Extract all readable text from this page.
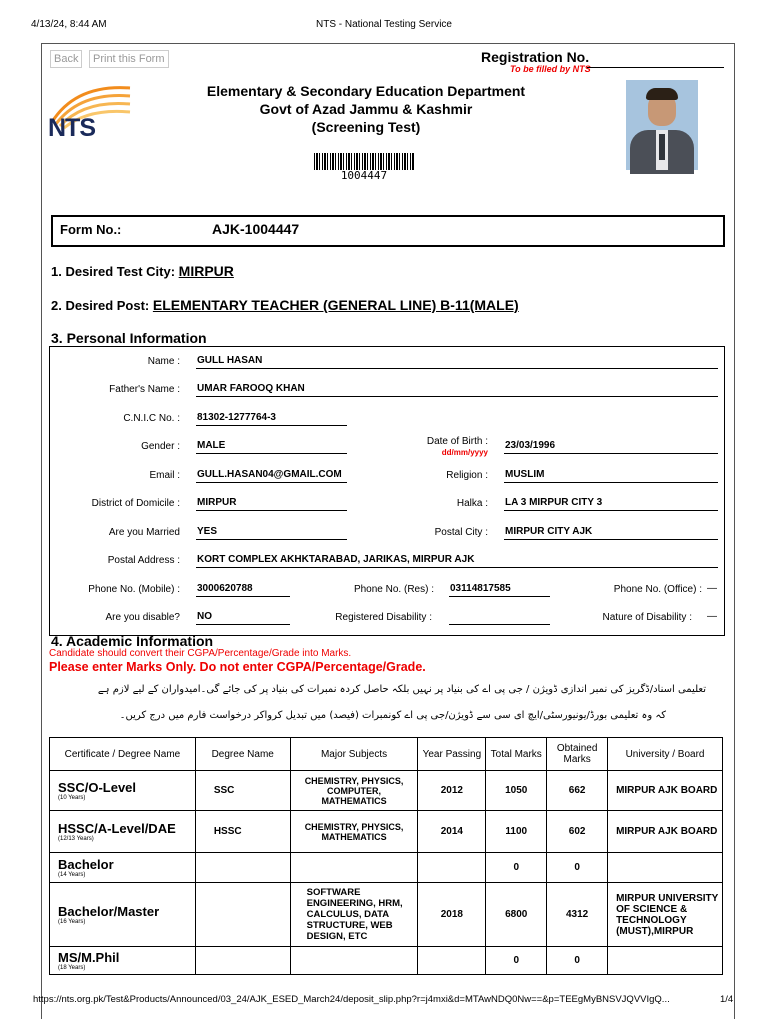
4/13/24, 8:44 AM	NTS - National Testing Service
Back	Print this Form
NTS
Registration No.
To be filled by NTS
Elementary & Secondary Education Department
Govt of Azad Jammu & Kashmir
(Screening Test)
1004447
Form No.:	AJK-1004447
1. Desired Test City: MIRPUR
2. Desired Post: ELEMENTARY TEACHER (GENERAL LINE) B-11(MALE)
3. Personal Information
Name : GULL HASAN
Father's Name : UMAR FAROOQ KHAN
C.N.I.C No. : 81302-1277764-3
Gender : MALE	Date of Birth :
dd/mm/yyyy
23/03/1996
Email : GULL.HASAN04@GMAIL.COM	Religion : MUSLIM
District of Domicile : MIRPUR	Halka : LA 3 MIRPUR CITY 3
Are you Married YES	Postal City : MIRPUR CITY AJK
Postal Address : KORT COMPLEX AKHKTARABAD, JARIKAS, MIRPUR AJK
Phone No. (Mobile) : 3000620788	Phone No. (Res) : 03114817585	Phone No. (Office) : —
Are you disable? NO	Registered Disability :	Nature of Disability : —
4. Academic Information
Candidate should convert their CGPA/Percentage/Grade into Marks.
Please enter Marks Only. Do not enter CGPA/Percentage/Grade.
تعلیمی اسناد/ڈگریز کی نمبر اندازی ڈویژن / جی پی اے کی بنیاد پر نہیں بلکہ حاصل کردہ نمبرات کی بنیاد پر کی جائے گی۔امیدواران کے لیے لازم ہے
کہ وہ تعلیمی بورڈ/یونیورسٹی/ایچ ای سی سے ڈویژن/جی پی اے کونمبرات (فیصد) میں تبدیل کرواکر درخواست فارم میں درج کریں۔
Certificate / Degree Name	Degree Name	Major Subjects	Year Passing	Total Marks	Obtained Marks	University / Board
SSC/O-Level
(10 Years)	SSC	CHEMISTRY, PHYSICS, COMPUTER, MATHEMATICS	2012	1050	662	MIRPUR AJK BOARD
HSSC/A-Level/DAE
(12/13 Years)	HSSC	CHEMISTRY, PHYSICS, MATHEMATICS	2014	1100	602	MIRPUR AJK BOARD
Bachelor
(14 Years)				0	0	
Bachelor/Master
(16 Years)		SOFTWARE ENGINEERING, HRM, CALCULUS, DATA STRUCTURE, WEB DESIGN, ETC	2018	6800	4312	MIRPUR UNIVERSITY OF SCIENCE & TECHNOLOGY (MUST),MIRPUR
MS/M.Phil
(18 Years)				0	0	
https://nts.org.pk/Test&Products/Announced/03_24/AJK_ESED_March24/deposit_slip.php?r=j4mxi&d=MTAwNDQ0Nw==&p=TEEgMyBNSVJQVVIgQ...	1/4
